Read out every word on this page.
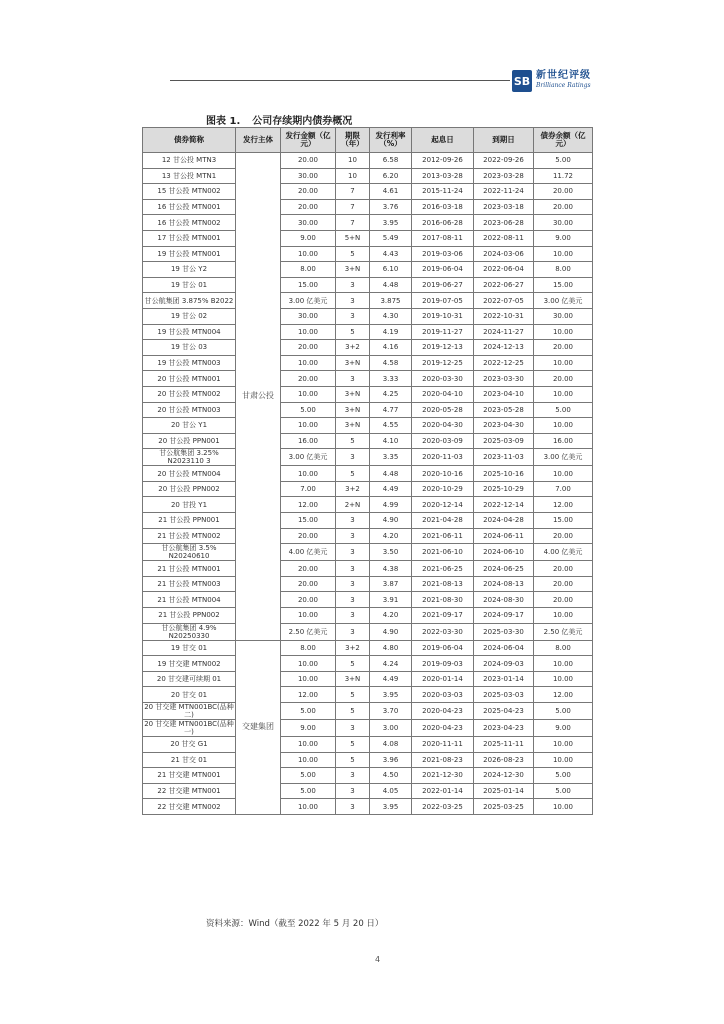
SB 新世纪评级
Brilliance Ratings
图表 1. 公司存续期内债券概况
债券简称	发行主体	发行金额（亿元）	期限（年）	发行利率（%）	起息日	到期日	债券余额（亿元）
12 甘公投 MTN3	甘肃公投	20.00	10	6.58	2012-09-26	2022-09-26	5.00
13 甘公投 MTN1		30.00	10	6.20	2013-03-28	2023-03-28	11.72
15 甘公投 MTN002		20.00	7	4.61	2015-11-24	2022-11-24	20.00
16 甘公投 MTN001		20.00	7	3.76	2016-03-18	2023-03-18	20.00
16 甘公投 MTN002		30.00	7	3.95	2016-06-28	2023-06-28	30.00
17 甘公投 MTN001		9.00	5+N	5.49	2017-08-11	2022-08-11	9.00
19 甘公投 MTN001		10.00	5	4.43	2019-03-06	2024-03-06	10.00
19 甘公 Y2		8.00	3+N	6.10	2019-06-04	2022-06-04	8.00
19 甘公 01		15.00	3	4.48	2019-06-27	2022-06-27	15.00
甘公航集团 3.875% B2022		3.00 亿美元	3	3.875	2019-07-05	2022-07-05	3.00 亿美元
19 甘公 02		30.00	3	4.30	2019-10-31	2022-10-31	30.00
19 甘公投 MTN004		10.00	5	4.19	2019-11-27	2024-11-27	10.00
19 甘公 03		20.00	3+2	4.16	2019-12-13	2024-12-13	20.00
19 甘公投 MTN003		10.00	3+N	4.58	2019-12-25	2022-12-25	10.00
20 甘公投 MTN001		20.00	3	3.33	2020-03-30	2023-03-30	20.00
20 甘公投 MTN002		10.00	3+N	4.25	2020-04-10	2023-04-10	10.00
20 甘公投 MTN003		5.00	3+N	4.77	2020-05-28	2023-05-28	5.00
20 甘公 Y1		10.00	3+N	4.55	2020-04-30	2023-04-30	10.00
20 甘公投 PPN001		16.00	5	4.10	2020-03-09	2025-03-09	16.00
甘公航集团 3.25% N2023110 3		3.00 亿美元	3	3.35	2020-11-03	2023-11-03	3.00 亿美元
20 甘公投 MTN004		10.00	5	4.48	2020-10-16	2025-10-16	10.00
20 甘公投 PPN002		7.00	3+2	4.49	2020-10-29	2025-10-29	7.00
20 甘投 Y1		12.00	2+N	4.99	2020-12-14	2022-12-14	12.00
21 甘公投 PPN001		15.00	3	4.90	2021-04-28	2024-04-28	15.00
21 甘公投 MTN002		20.00	3	4.20	2021-06-11	2024-06-11	20.00
甘公航集团 3.5% N20240610		4.00 亿美元	3	3.50	2021-06-10	2024-06-10	4.00 亿美元
21 甘公投 MTN001		20.00	3	4.38	2021-06-25	2024-06-25	20.00
21 甘公投 MTN003		20.00	3	3.87	2021-08-13	2024-08-13	20.00
21 甘公投 MTN004		20.00	3	3.91	2021-08-30	2024-08-30	20.00
21 甘公投 PPN002		10.00	3	4.20	2021-09-17	2024-09-17	10.00
甘公航集团 4.9% N20250330		2.50 亿美元	3	4.90	2022-03-30	2025-03-30	2.50 亿美元
19 甘交 01	交建集团	8.00	3+2	4.80	2019-06-04	2024-06-04	8.00
19 甘交建 MTN002		10.00	5	4.24	2019-09-03	2024-09-03	10.00
20 甘交建可续期 01		10.00	3+N	4.49	2020-01-14	2023-01-14	10.00
20 甘交 01		12.00	5	3.95	2020-03-03	2025-03-03	12.00
20 甘交建 MTN001BC(品种二)		5.00	5	3.70	2020-04-23	2025-04-23	5.00
20 甘交建 MTN001BC(品种一)		9.00	3	3.00	2020-04-23	2023-04-23	9.00
20 甘交 G1		10.00	5	4.08	2020-11-11	2025-11-11	10.00
21 甘交 01		10.00	5	3.96	2021-08-23	2026-08-23	10.00
21 甘交建 MTN001		5.00	3	4.50	2021-12-30	2024-12-30	5.00
22 甘交建 MTN001		5.00	3	4.05	2022-01-14	2025-01-14	5.00
22 甘交建 MTN002		10.00	3	3.95	2022-03-25	2025-03-25	10.00
资料来源：Wind（截至 2022 年 5 月 20 日）
4
